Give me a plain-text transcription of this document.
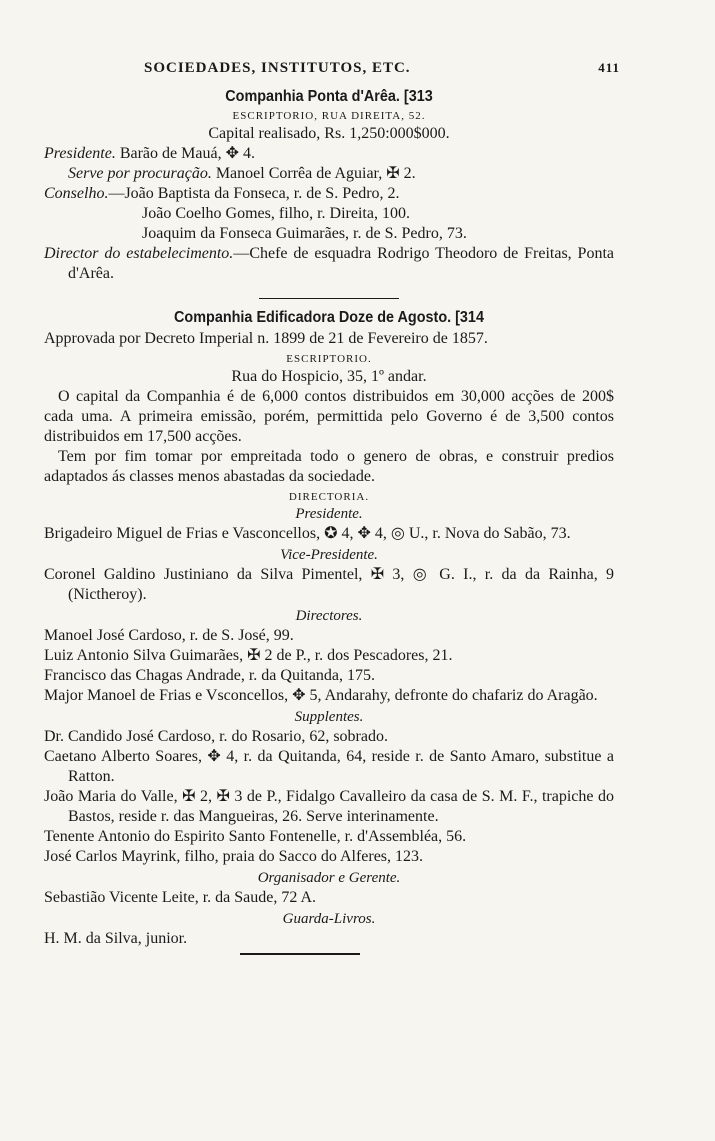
SOCIEDADES, INSTITUTOS, ETC.	411
Companhia Ponta d'Arêa. [313
ESCRIPTORIO, RUA DIREITA, 52.
Capital realisado, Rs. 1,250:000$000.
Presidente. Barão de Mauá, ✥ 4.
Serve por procuração. Manoel Corrêa de Aguiar, ✠ 2.
Conselho.—João Baptista da Fonseca, r. de S. Pedro, 2.
João Coelho Gomes, filho, r. Direita, 100.
Joaquim da Fonseca Guimarães, r. de S. Pedro, 73.
Director do estabelecimento.—Chefe de esquadra Rodrigo Theodoro de Freitas, Ponta d'Arêa.
Companhia Edificadora Doze de Agosto. [314
Approvada por Decreto Imperial n. 1899 de 21 de Fevereiro de 1857.
ESCRIPTORIO.
Rua do Hospicio, 35, 1º andar.
O capital da Companhia é de 6,000 contos distribuidos em 30,000 acções de 200$ cada uma. A primeira emissão, porém, permittida pelo Governo é de 3,500 contos distribuidos em 17,500 acções.
Tem por fim tomar por empreitada todo o genero de obras, e construir predios adaptados ás classes menos abastadas da sociedade.
DIRECTORIA.
Presidente.
Brigadeiro Miguel de Frias e Vasconcellos, ✪ 4, ✥ 4, ◎ U., r. Nova do Sabão, 73.
Vice-Presidente.
Coronel Galdino Justiniano da Silva Pimentel, ✠ 3, ◎ G. I., r. da da Rainha, 9 (Nictheroy).
Directores.
Manoel José Cardoso, r. de S. José, 99.
Luiz Antonio Silva Guimarães, ✠ 2 de P., r. dos Pescadores, 21.
Francisco das Chagas Andrade, r. da Quitanda, 175.
Major Manoel de Frias e Vsconcellos, ✥ 5, Andarahy, defronte do chafariz do Aragão.
Supplentes.
Dr. Candido José Cardoso, r. do Rosario, 62, sobrado.
Caetano Alberto Soares, ✥ 4, r. da Quitanda, 64, reside r. de Santo Amaro, substitue a Ratton.
João Maria do Valle, ✠ 2, ✠ 3 de P., Fidalgo Cavalleiro da casa de S. M. F., trapiche do Bastos, reside r. das Mangueiras, 26. Serve interinamente.
Tenente Antonio do Espirito Santo Fontenelle, r. d'Assembléa, 56.
José Carlos Mayrink, filho, praia do Sacco do Alferes, 123.
Organisador e Gerente.
Sebastião Vicente Leite, r. da Saude, 72 A.
Guarda-Livros.
H. M. da Silva, junior.
